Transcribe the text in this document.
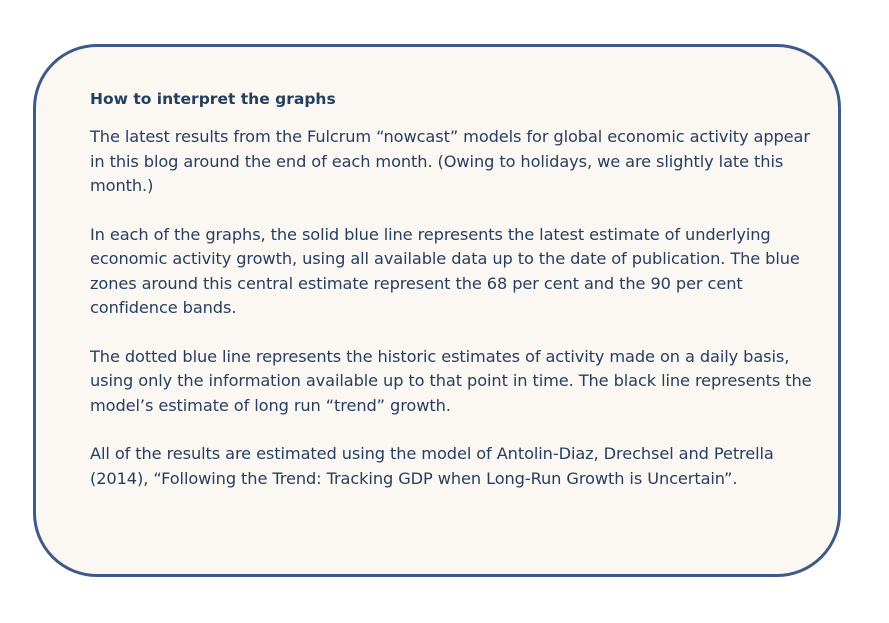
How to interpret the graphs

The latest results from the Fulcrum “nowcast” models for global economic activity appear in this blog around the end of each month. (Owing to holidays, we are slightly late this month.)

In each of the graphs, the solid blue line represents the latest estimate of underlying economic activity growth, using all available data up to the date of publication. The blue zones around this central estimate represent the 68 per cent and the 90 per cent confidence bands.

The dotted blue line represents the historic estimates of activity made on a daily basis, using only the information available up to that point in time. The black line represents the model’s estimate of long run “trend” growth.

All of the results are estimated using the model of Antolin-Diaz, Drechsel and Petrella (2014), “Following the Trend: Tracking GDP when Long-Run Growth is Uncertain”.
